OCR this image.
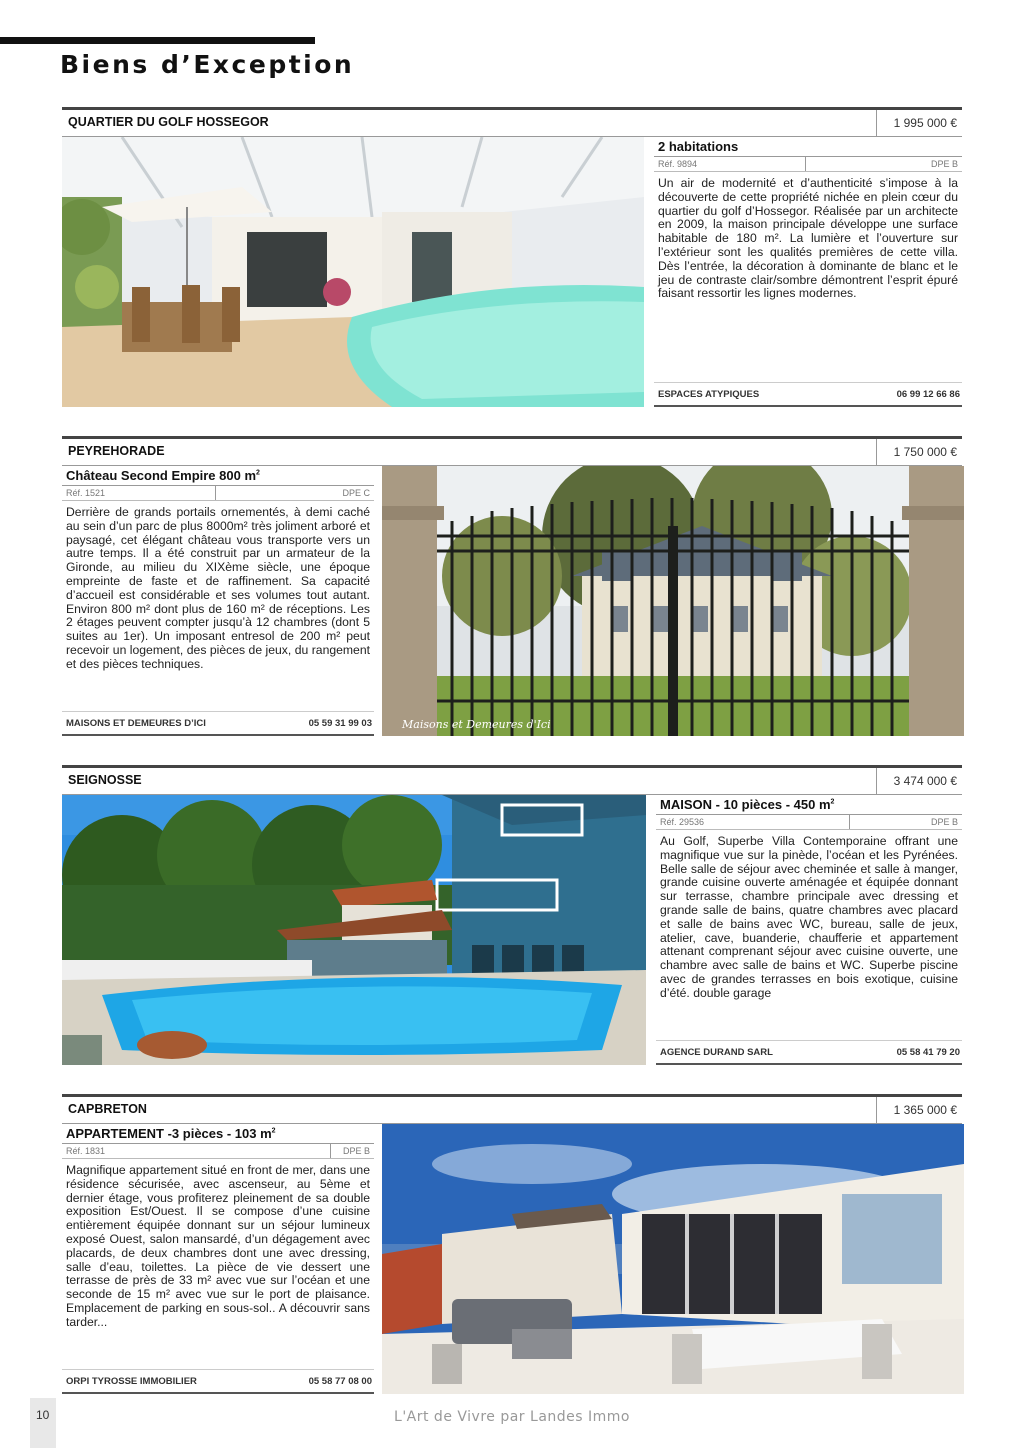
Biens d’Exception
QUARTIER DU GOLF HOSSEGOR	1 995 000 €
2 habitations
Réf. 9894	DPE B

Un air de modernité et d’authenticité s’impose à la découverte de cette propriété nichée en plein cœur du quartier du golf d’Hossegor. Réalisée par un architecte en 2009, la maison principale développe une surface habitable de 180 m². La lumière et l’ouverture sur l’extérieur sont les qualités premières de cette villa. Dès l’entrée, la décoration à dominante de blanc et le jeu de contraste clair/sombre démontrent l’esprit épuré faisant ressortir les lignes modernes.

ESPACES ATYPIQUES	06 99 12 66 86
PEYREHORADE	1 750 000 €
Château Second Empire 800 $m^2$
Réf. 1521	DPE C

Derrière de grands portails ornementés, à demi caché au sein d’un parc de plus 8000m² très joliment arboré et paysagé, cet élégant château vous transporte vers un autre temps. Il a été construit par un armateur de la Gironde, au milieu du XIXème siècle, une époque empreinte de faste et de raffinement. Sa capacité d’accueil est considérable et ses volumes tout autant. Environ 800 m² dont plus de 160 m² de réceptions. Les 2 étages peuvent compter jusqu’à 12 chambres (dont 5 suites au 1er). Un imposant entresol de 200 m² peut recevoir un logement, des pièces de jeux, du rangement et des pièces techniques.

MAISONS ET DEMEURES D’ICI	05 59 31 99 03	Maisons et Demeures d'Ici
SEIGNOSSE	3 474 000 €
MAISON - 10 pièces - 450 $m^2$
Réf. 29536	DPE B

Au Golf, Superbe Villa Contemporaine offrant une magnifique vue sur la pinède, l’océan et les Pyrénées. Belle salle de séjour avec cheminée et salle à manger, grande cuisine ouverte aménagée et équipée donnant sur terrasse, chambre principale avec dressing et grande salle de bains, quatre chambres avec placard et salle de bains avec WC, bureau, salle de jeux, atelier, cave, buanderie, chaufferie et appartement attenant comprenant séjour avec cuisine ouverte, une chambre avec salle de bains et WC. Superbe piscine avec de grandes terrasses en bois exotique, cuisine d’été. double garage

AGENCE DURAND SARL	05 58 41 79 20
CAPBRETON	1 365 000 €
APPARTEMENT -3 pièces - 103 $m^2$
Réf. 1831	DPE B

Magnifique appartement situé en front de mer, dans une résidence sécurisée, avec ascenseur, au 5ème et dernier étage, vous profiterez pleinement de sa double exposition Est/Ouest. Il se compose d’une cuisine entièrement équipée donnant sur un séjour lumineux exposé Ouest, salon mansardé, d’un dégagement avec placards, de deux chambres dont une avec dressing, salle d’eau, toilettes. La pièce de vie dessert une terrasse de près de 33 m² avec vue sur l’océan et une seconde de 15 m² avec vue sur le port de plaisance. Emplacement de parking en sous-sol.. A découvrir sans tarder...

ORPI TYROSSE IMMOBILIER	05 58 77 08 00
10	L'Art de Vivre par Landes Immo
